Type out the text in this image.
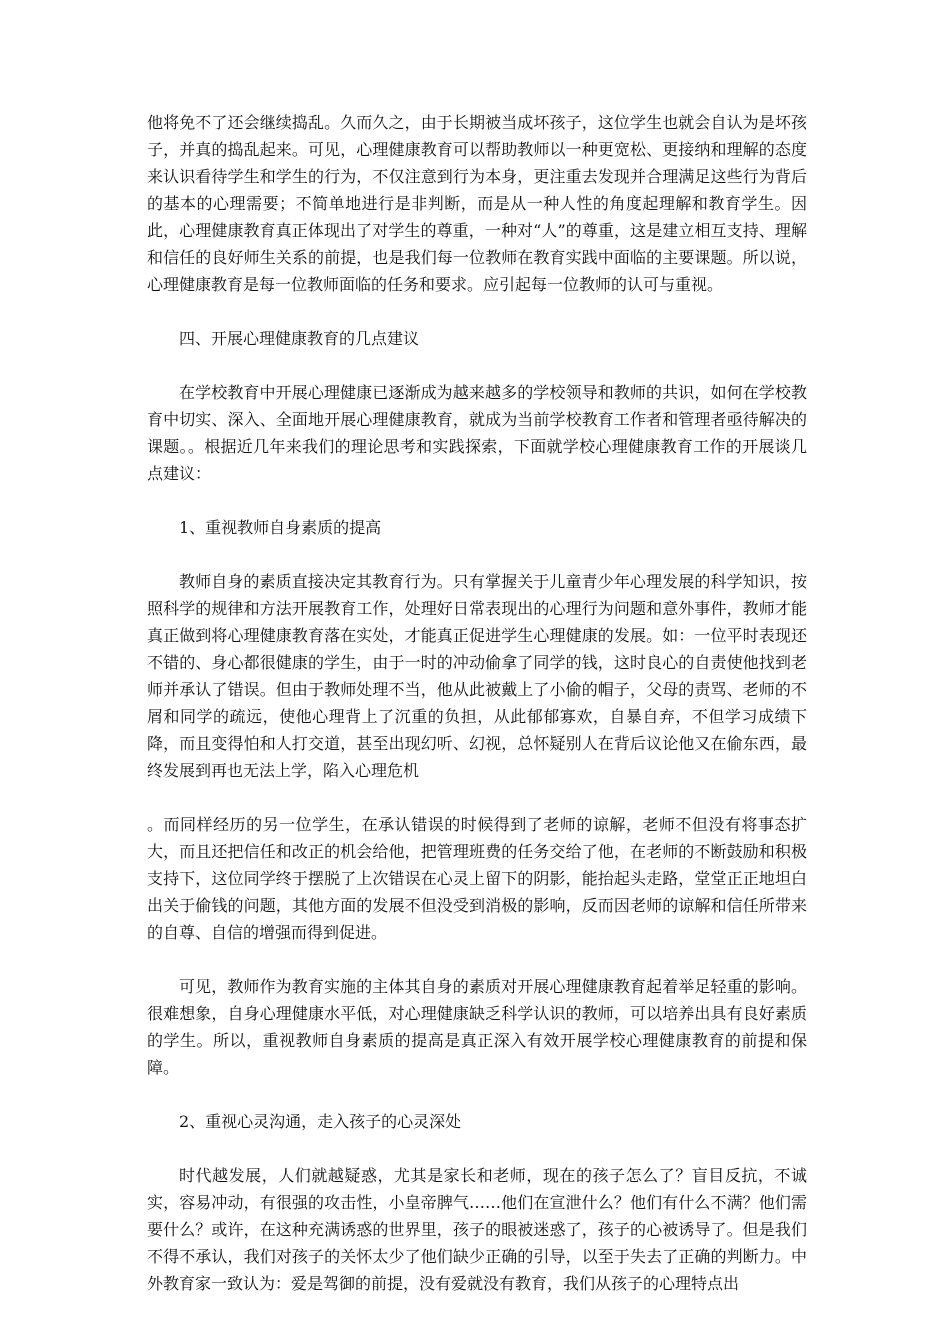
他将免不了还会继续捣乱。久而久之，由于长期被当成坏孩子，这位学生也就会自认为是坏孩子，并真的捣乱起来。可见，心理健康教育可以帮助教师以一种更宽松、更接纳和理解的态度来认识看待学生和学生的行为，不仅注意到行为本身，更注重去发现并合理满足这些行为背后的基本的心理需要；不简单地进行是非判断，而是从一种人性的角度起理解和教育学生。因此，心理健康教育真正体现出了对学生的尊重，一种对“人”的尊重，这是建立相互支持、理解和信任的良好师生关系的前提，也是我们每一位教师在教育实践中面临的主要课题。所以说，心理健康教育是每一位教师面临的任务和要求。应引起每一位教师的认可与重视。

四、开展心理健康教育的几点建议

在学校教育中开展心理健康已逐渐成为越来越多的学校领导和教师的共识，如何在学校教育中切实、深入、全面地开展心理健康教育，就成为当前学校教育工作者和管理者亟待解决的课题。。根据近几年来我们的理论思考和实践探索，下面就学校心理健康教育工作的开展谈几点建议：

1、重视教师自身素质的提高

教师自身的素质直接决定其教育行为。只有掌握关于儿童青少年心理发展的科学知识，按照科学的规律和方法开展教育工作，处理好日常表现出的心理行为问题和意外事件，教师才能真正做到将心理健康教育落在实处，才能真正促进学生心理健康的发展。如：一位平时表现还不错的、身心都很健康的学生，由于一时的冲动偷拿了同学的钱，这时良心的自责使他找到老师并承认了错误。但由于教师处理不当，他从此被戴上了小偷的帽子，父母的责骂、老师的不屑和同学的疏远，使他心理背上了沉重的负担，从此郁郁寡欢，自暴自弃，不但学习成绩下降，而且变得怕和人打交道，甚至出现幻听、幻视，总怀疑别人在背后议论他又在偷东西，最终发展到再也无法上学，陷入心理危机

。而同样经历的另一位学生，在承认错误的时候得到了老师的谅解，老师不但没有将事态扩大，而且还把信任和改正的机会给他，把管理班费的任务交给了他，在老师的不断鼓励和积极支持下，这位同学终于摆脱了上次错误在心灵上留下的阴影，能抬起头走路，堂堂正正地坦白出关于偷钱的问题，其他方面的发展不但没受到消极的影响，反而因老师的谅解和信任所带来的自尊、自信的增强而得到促进。

可见，教师作为教育实施的主体其自身的素质对开展心理健康教育起着举足轻重的影响。很难想象，自身心理健康水平低，对心理健康缺乏科学认识的教师，可以培养出具有良好素质的学生。所以，重视教师自身素质的提高是真正深入有效开展学校心理健康教育的前提和保障。

2、重视心灵沟通，走入孩子的心灵深处

时代越发展，人们就越疑惑，尤其是家长和老师，现在的孩子怎么了？盲目反抗，不诚实，容易冲动，有很强的攻击性，小皇帝脾气……他们在宣泄什么？他们有什么不满？他们需要什么？或许，在这种充满诱惑的世界里，孩子的眼被迷惑了，孩子的心被诱导了。但是我们不得不承认，我们对孩子的关怀太少了他们缺少正确的引导，以至于失去了正确的判断力。中外教育家一致认为：爱是驾御的前提，没有爱就没有教育，我们从孩子的心理特点出
